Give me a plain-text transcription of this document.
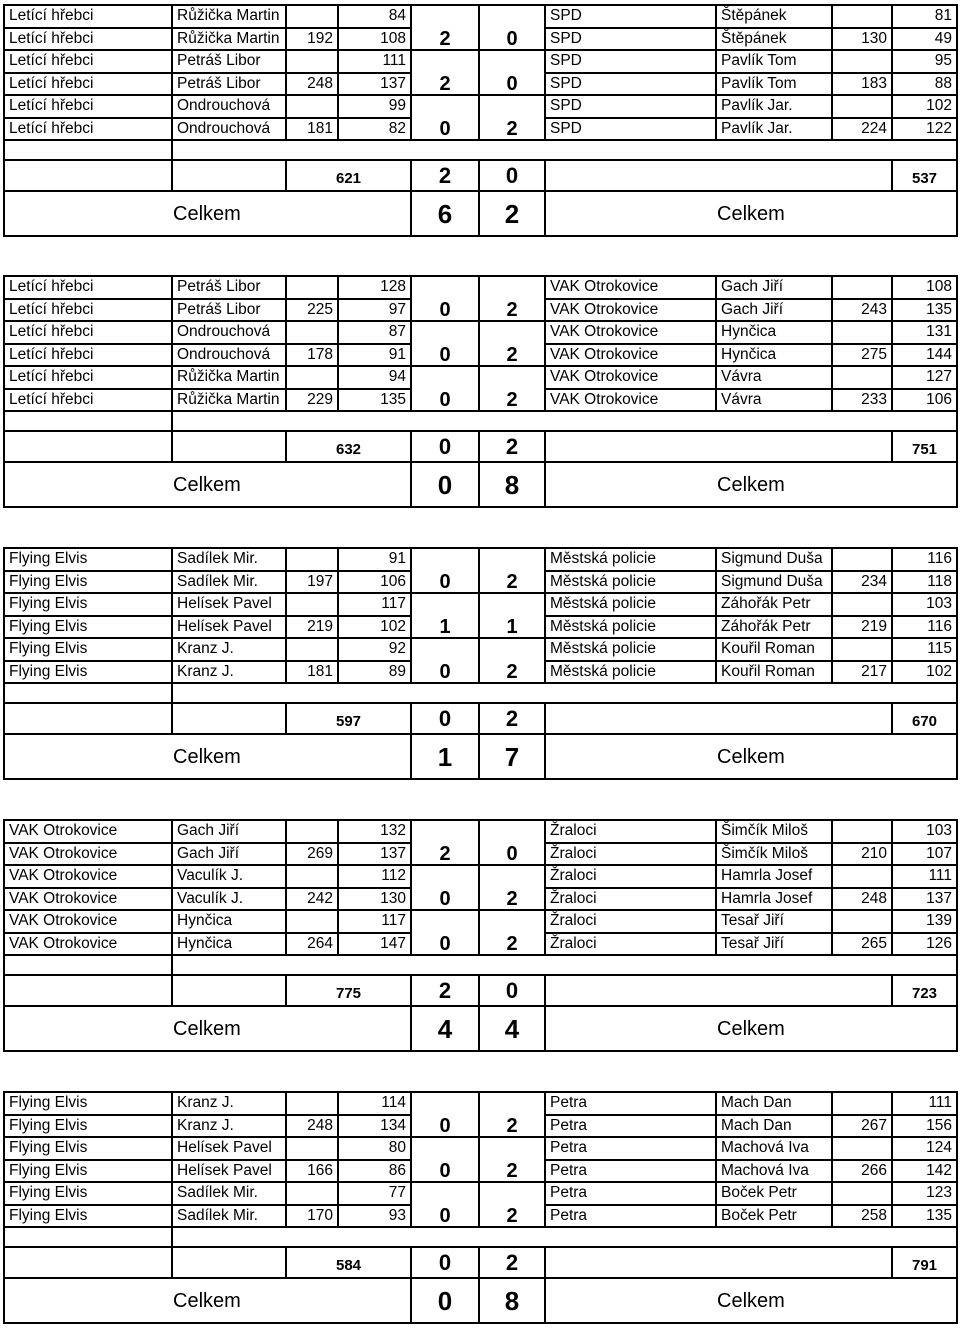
Letící hřebci	Růžička Martin		84	2	0	SPD	Štěpánek		81
Letící hřebci	Růžička Martin	192	108			SPD	Štěpánek	130	49
Letící hřebci	Petráš Libor		111	2	0	SPD	Pavlík Tom		95
Letící hřebci	Petráš Libor	248	137			SPD	Pavlík Tom	183	88
Letící hřebci	Ondrouchová		99	0	2	SPD	Pavlík Jar.		102
Letící hřebci	Ondrouchová	181	82			SPD	Pavlík Jar.	224	122

		621		2	0				537
Celkem				6	2	Celkem			
Letící hřebci	Petráš Libor		128	0	2	VAK Otrokovice	Gach Jiří		108
Letící hřebci	Petráš Libor	225	97			VAK Otrokovice	Gach Jiří	243	135
Letící hřebci	Ondrouchová		87	0	2	VAK Otrokovice	Hynčica		131
Letící hřebci	Ondrouchová	178	91			VAK Otrokovice	Hynčica	275	144
Letící hřebci	Růžička Martin		94	0	2	VAK Otrokovice	Vávra		127
Letící hřebci	Růžička Martin	229	135			VAK Otrokovice	Vávra	233	106

		632		0	2				751
Celkem				0	8	Celkem			
Flying Elvis	Sadílek Mir.		91	0	2	Městská policie	Sigmund Duša		116
Flying Elvis	Sadílek Mir.	197	106			Městská policie	Sigmund Duša	234	118
Flying Elvis	Helísek Pavel		117	1	1	Městská policie	Záhořák Petr		103
Flying Elvis	Helísek Pavel	219	102			Městská policie	Záhořák Petr	219	116
Flying Elvis	Kranz J.		92	0	2	Městská policie	Kouřil Roman		115
Flying Elvis	Kranz J.	181	89			Městská policie	Kouřil Roman	217	102

		597		0	2				670
Celkem				1	7	Celkem			
VAK Otrokovice	Gach Jiří		132	2	0	Žraloci	Šimčík Miloš		103
VAK Otrokovice	Gach Jiří	269	137			Žraloci	Šimčík Miloš	210	107
VAK Otrokovice	Vaculík J.		112	0	2	Žraloci	Hamrla Josef		111
VAK Otrokovice	Vaculík J.	242	130			Žraloci	Hamrla Josef	248	137
VAK Otrokovice	Hynčica		117	0	2	Žraloci	Tesař Jiří		139
VAK Otrokovice	Hynčica	264	147			Žraloci	Tesař Jiří	265	126

		775		2	0				723
Celkem				4	4	Celkem			
Flying Elvis	Kranz J.		114	0	2	Petra	Mach Dan		111
Flying Elvis	Kranz J.	248	134			Petra	Mach Dan	267	156
Flying Elvis	Helísek Pavel		80	0	2	Petra	Machová Iva		124
Flying Elvis	Helísek Pavel	166	86			Petra	Machová Iva	266	142
Flying Elvis	Sadílek Mir.		77	0	2	Petra	Boček Petr		123
Flying Elvis	Sadílek Mir.	170	93			Petra	Boček Petr	258	135

		584		0	2				791
Celkem				0	8	Celkem			
